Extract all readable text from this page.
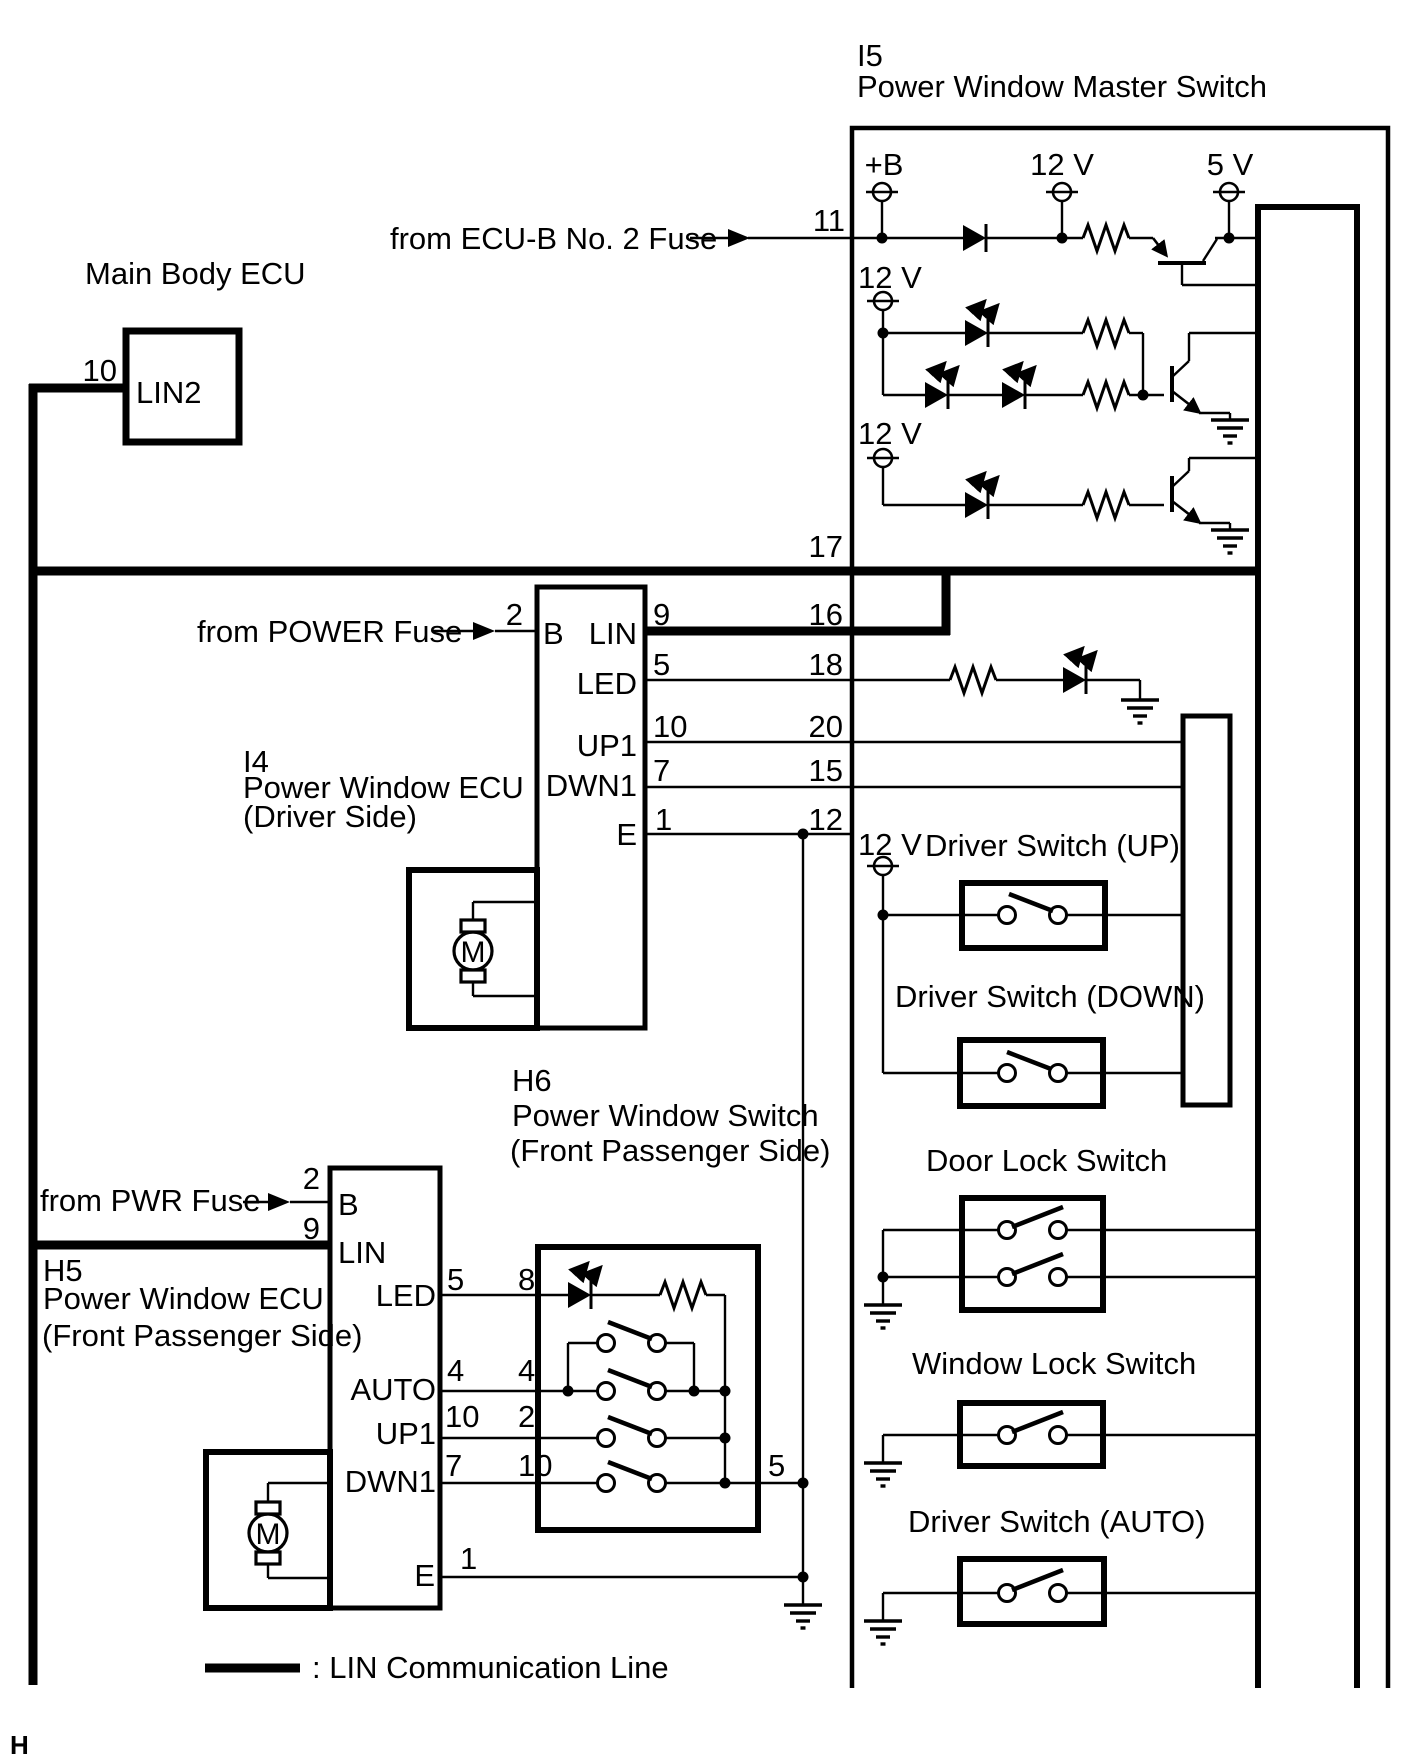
I5
Power Window Master Switch
+B	12 V	5 V
11
from ECU-B No. 2 Fuse
Main Body ECU	12 V
10
LIN2
12 V
17
2
from POWER Fuse	B LIN
9	16
5	18
LED
10	20
UP1
I4
Power Window ECU
(Driver Side)
7	15
DWN1
1	12
E	12 V Driver Switch (UP)
M
Driver Switch (DOWN)
H6
Power Window Switch
(Front Passenger Side)	Door Lock Switch
from PWR Fuse
2
B
9
LIN
H5
Power Window ECU
(Front Passenger Side)
LED 5 8
Window Lock Switch
AUTO
4 4
UP1 10 2
DWN1 7 10	5
Driver Switch (AUTO)
M
E 1
: LIN Communication Line
H
